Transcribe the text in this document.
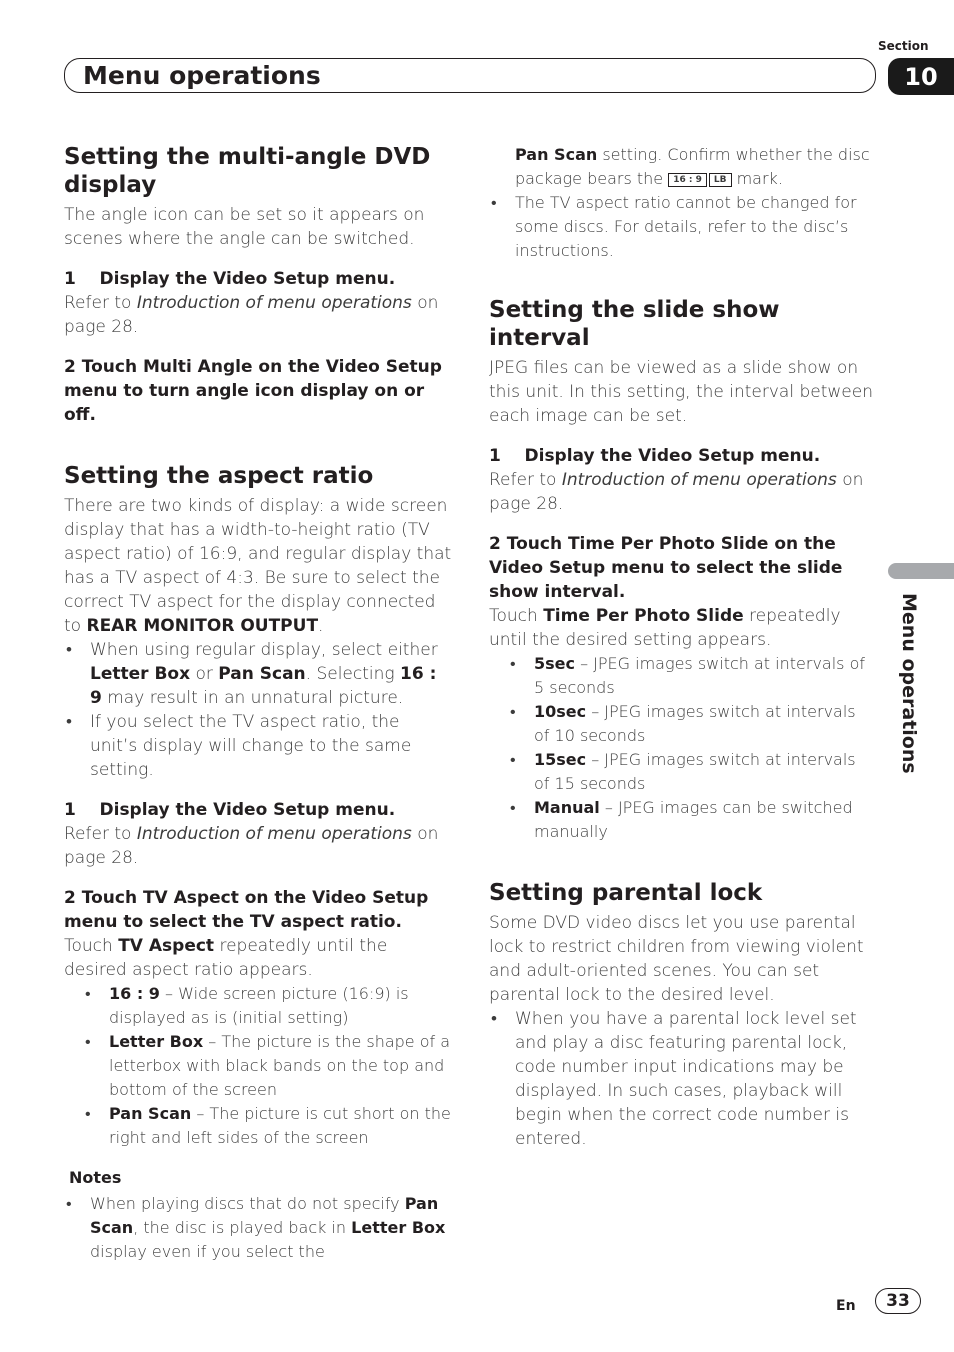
Section
Menu operations	10
Menu operations
Setting the multi-angle DVD display
The angle icon can be set so it appears on scenes where the angle can be switched.
1    Display the Video Setup menu.
Refer to Introduction of menu operations on page 28.
2 Touch Multi Angle on the Video Setup menu to turn angle icon display on or off.
Setting the aspect ratio
There are two kinds of display: a wide screen display that has a width-to-height ratio (TV aspect ratio) of 16:9, and regular display that has a TV aspect of 4:3. Be sure to select the correct TV aspect for the display connected to REAR MONITOR OUTPUT.
• When using regular display, select either Letter Box or Pan Scan. Selecting 16 : 9 may result in an unnatural picture.
• If you select the TV aspect ratio, the unit’s display will change to the same setting.
1    Display the Video Setup menu.
Refer to Introduction of menu operations on page 28.
2 Touch TV Aspect on the Video Setup menu to select the TV aspect ratio.
Touch TV Aspect repeatedly until the desired aspect ratio appears.
• 16 : 9 – Wide screen picture (16:9) is displayed as is (initial setting)
• Letter Box – The picture is the shape of a letterbox with black bands on the top and bottom of the screen
• Pan Scan – The picture is cut short on the right and left sides of the screen
Notes
• When playing discs that do not specify Pan Scan, the disc is played back in Letter Box display even if you select the
Pan Scan setting. Confirm whether the disc package bears the 16 : 9 LB mark.
• The TV aspect ratio cannot be changed for some discs. For details, refer to the disc’s instructions.
Setting the slide show interval
JPEG files can be viewed as a slide show on this unit. In this setting, the interval between each image can be set.
1    Display the Video Setup menu.
Refer to Introduction of menu operations on page 28.
2 Touch Time Per Photo Slide on the Video Setup menu to select the slide show interval.
Touch Time Per Photo Slide repeatedly until the desired setting appears.
• 5sec – JPEG images switch at intervals of 5 seconds
• 10sec – JPEG images switch at intervals of 10 seconds
• 15sec – JPEG images switch at intervals of 15 seconds
• Manual – JPEG images can be switched manually
Setting parental lock
Some DVD video discs let you use parental lock to restrict children from viewing violent and adult-oriented scenes. You can set parental lock to the desired level.
• When you have a parental lock level set and play a disc featuring parental lock, code number input indications may be displayed. In such cases, playback will begin when the correct code number is entered.
En 33
